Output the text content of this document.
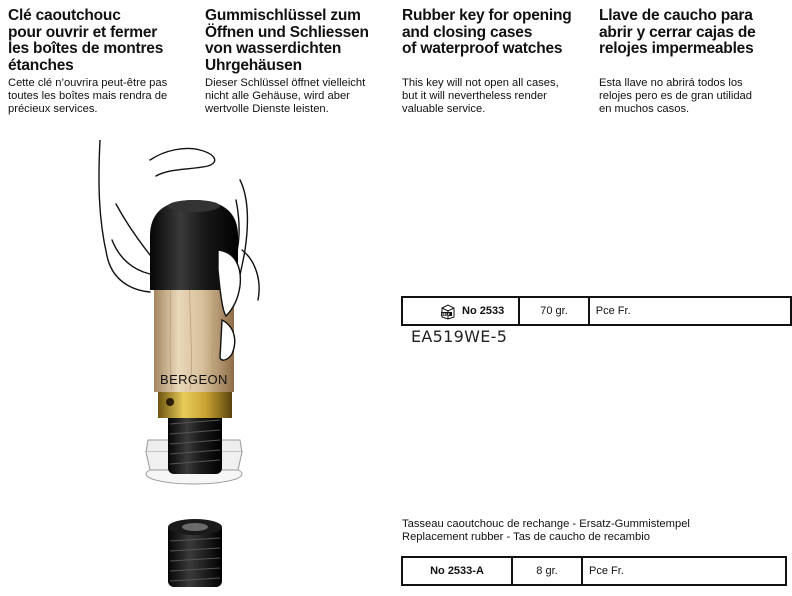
Clé caoutchouc
pour ouvrir et fermer
les boîtes de montres
étanches

Cette clé n’ouvrira peut-être pas
toutes les boîtes mais rendra de
précieux services.

Gummischlüssel zum
Öffnen und Schliessen
von wasserdichten
Uhrgehäusen

Dieser Schlüssel öffnet vielleicht
nicht alle Gehäuse, wird aber
wertvolle Dienste leisten.

Rubber key for opening
and closing cases
of waterproof watches

This key will not open all cases,
but it will nevertheless render
valuable service.

Llave de caucho para
abrir y cerrar cajas de
relojes impermeables

Esta llave no abrirá todos los
relojes pero es de gran utilidad
en muchos casos.

BERGEON
SELF No 2533	70 gr.	Pce Fr.
EA519WE-5
Tasseau caoutchouc de rechange - Ersatz-Gummistempel
Replacement rubber - Tas de caucho de recambio
No 2533-A	8 gr.	Pce Fr.
